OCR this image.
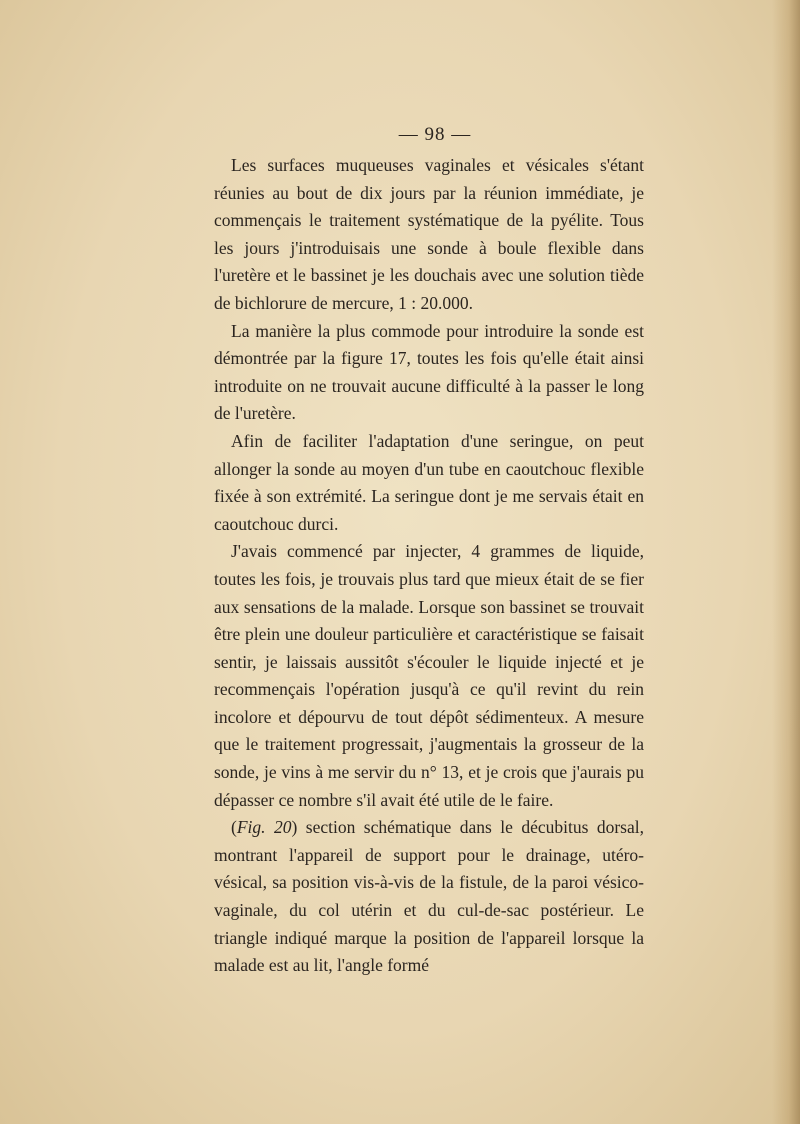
— 98 —

Les surfaces muqueuses vaginales et vésicales s'étant réunies au bout de dix jours par la réunion immédiate, je commençais le traitement systématique de la pyélite. Tous les jours j'introduisais une sonde à boule flexible dans l'uretère et le bassinet je les douchais avec une solution tiède de bichlorure de mercure, 1 : 20.000.

La manière la plus commode pour introduire la sonde est démontrée par la figure 17, toutes les fois qu'elle était ainsi introduite on ne trouvait aucune difficulté à la passer le long de l'uretère.

Afin de faciliter l'adaptation d'une seringue, on peut allonger la sonde au moyen d'un tube en caoutchouc flexible fixée à son extrémité. La seringue dont je me servais était en caoutchouc durci.

J'avais commencé par injecter, 4 grammes de liquide, toutes les fois, je trouvais plus tard que mieux était de se fier aux sensations de la malade. Lorsque son bassinet se trouvait être plein une douleur particulière et caractéristique se faisait sentir, je laissais aussitôt s'écouler le liquide injecté et je recommençais l'opération jusqu'à ce qu'il revint du rein incolore et dépourvu de tout dépôt sédimenteux. A mesure que le traitement progressait, j'augmentais la grosseur de la sonde, je vins à me servir du n° 13, et je crois que j'aurais pu dépasser ce nombre s'il avait été utile de le faire.

(Fig. 20) section schématique dans le décubitus dorsal, montrant l'appareil de support pour le drainage, utéro-vésical, sa position vis-à-vis de la fistule, de la paroi vésico-vaginale, du col utérin et du cul-de-sac postérieur. Le triangle indiqué marque la position de l'appareil lorsque la malade est au lit, l'angle formé
